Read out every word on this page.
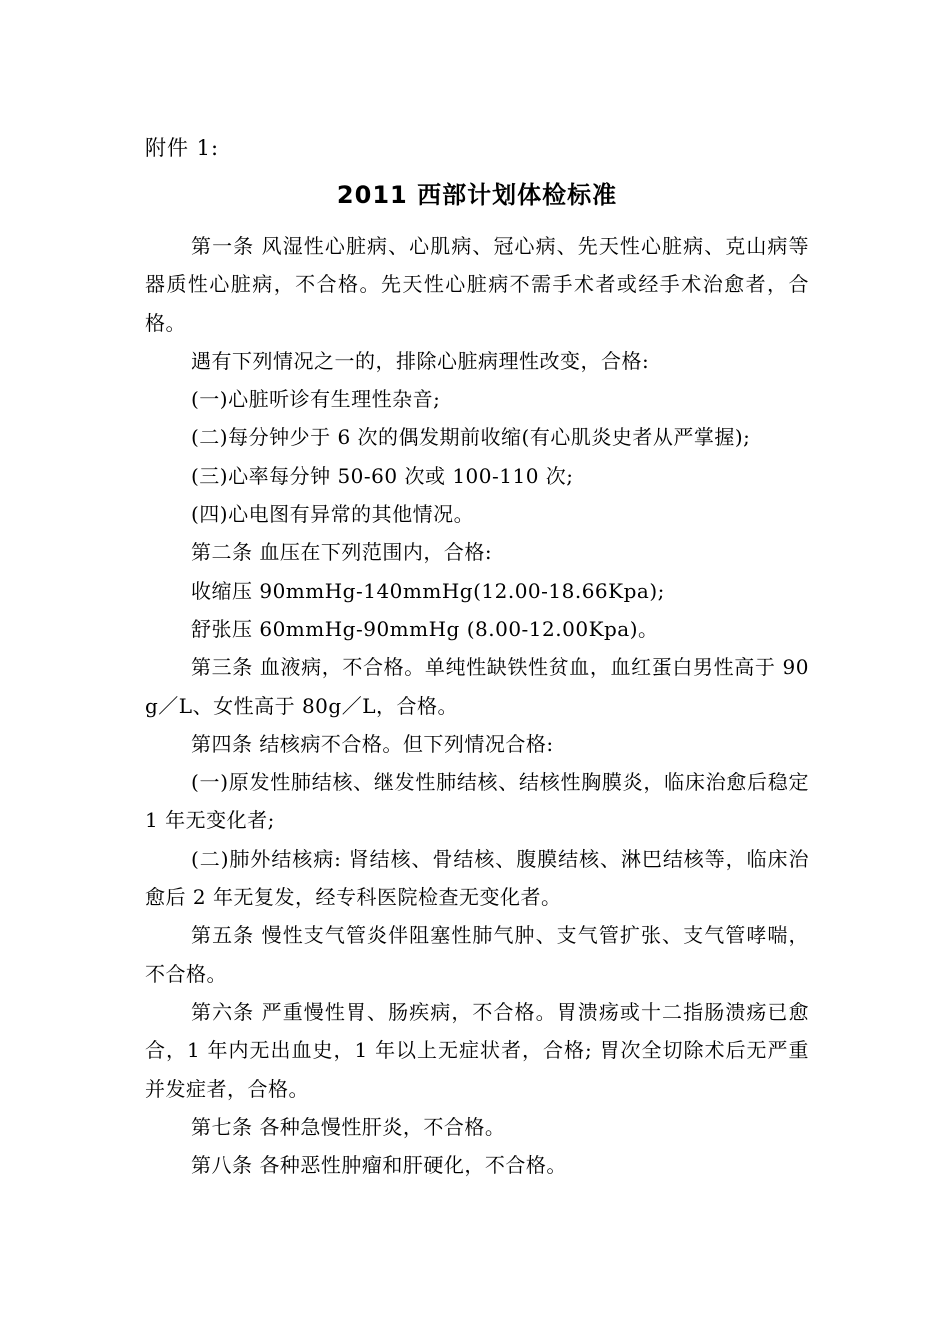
附件 1:

2011 西部计划体检标准

第一条 风湿性心脏病、心肌病、冠心病、先天性心脏病、克山病等器质性心脏病，不合格。先天性心脏病不需手术者或经手术治愈者，合格。

遇有下列情况之一的，排除心脏病理性改变，合格:

(一)心脏听诊有生理性杂音;

(二)每分钟少于 6 次的偶发期前收缩(有心肌炎史者从严掌握);

(三)心率每分钟 50-60 次或 100-110 次;

(四)心电图有异常的其他情况。

第二条 血压在下列范围内，合格:

收缩压 90mmHg-140mmHg(12.00-18.66Kpa);

舒张压 60mmHg-90mmHg (8.00-12.00Kpa)。

第三条 血液病，不合格。单纯性缺铁性贫血，血红蛋白男性高于 90g／L、女性高于 80g／L，合格。

第四条 结核病不合格。但下列情况合格:

(一)原发性肺结核、继发性肺结核、结核性胸膜炎，临床治愈后稳定 1 年无变化者;

(二)肺外结核病: 肾结核、骨结核、腹膜结核、淋巴结核等，临床治愈后 2 年无复发，经专科医院检查无变化者。

第五条 慢性支气管炎伴阻塞性肺气肿、支气管扩张、支气管哮喘，不合格。

第六条 严重慢性胃、肠疾病，不合格。胃溃疡或十二指肠溃疡已愈合，1 年内无出血史，1 年以上无症状者，合格; 胃次全切除术后无严重并发症者，合格。

第七条 各种急慢性肝炎，不合格。

第八条 各种恶性肿瘤和肝硬化，不合格。
